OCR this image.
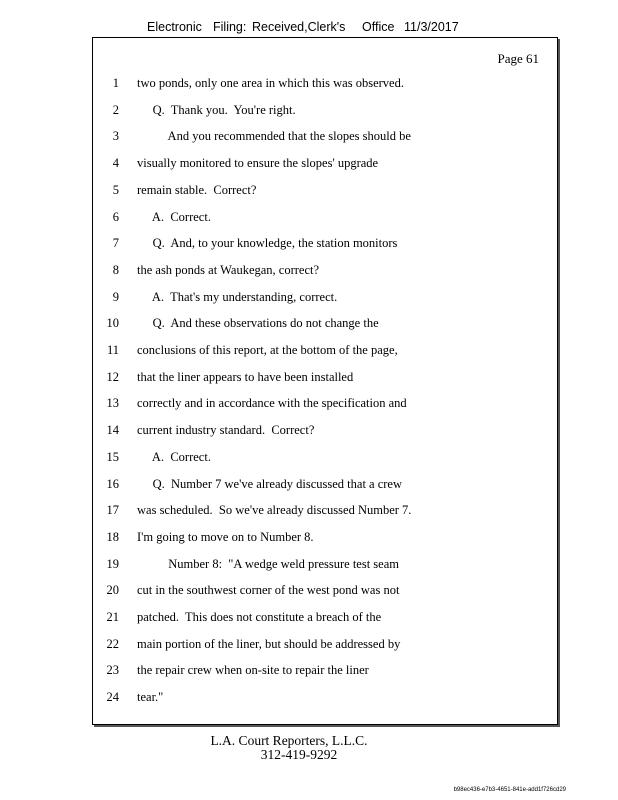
Electronic Filing: Received,Clerk's Office 11/3/2017
Page 61
1 two ponds, only one area in which this was observed.
2 Q.  Thank you.  You're right.
3 And you recommended that the slopes should be
4 visually monitored to ensure the slopes' upgrade
5 remain stable.  Correct?
6 A.  Correct.
7 Q.  And, to your knowledge, the station monitors
8 the ash ponds at Waukegan, correct?
9 A.  That's my understanding, correct.
10 Q.  And these observations do not change the
11 conclusions of this report, at the bottom of the page,
12 that the liner appears to have been installed
13 correctly and in accordance with the specification and
14 current industry standard.  Correct?
15 A.  Correct.
16 Q.  Number 7 we've already discussed that a crew
17 was scheduled.  So we've already discussed Number 7.
18 I'm going to move on to Number 8.
19 Number 8:  "A wedge weld pressure test seam
20 cut in the southwest corner of the west pond was not
21 patched.  This does not constitute a breach of the
22 main portion of the liner, but should be addressed by
23 the repair crew when on-site to repair the liner
24 tear."
L.A. Court Reporters, L.L.C.
312-419-9292
b98ec436-e7b3-4651-841e-add1f726cd29
